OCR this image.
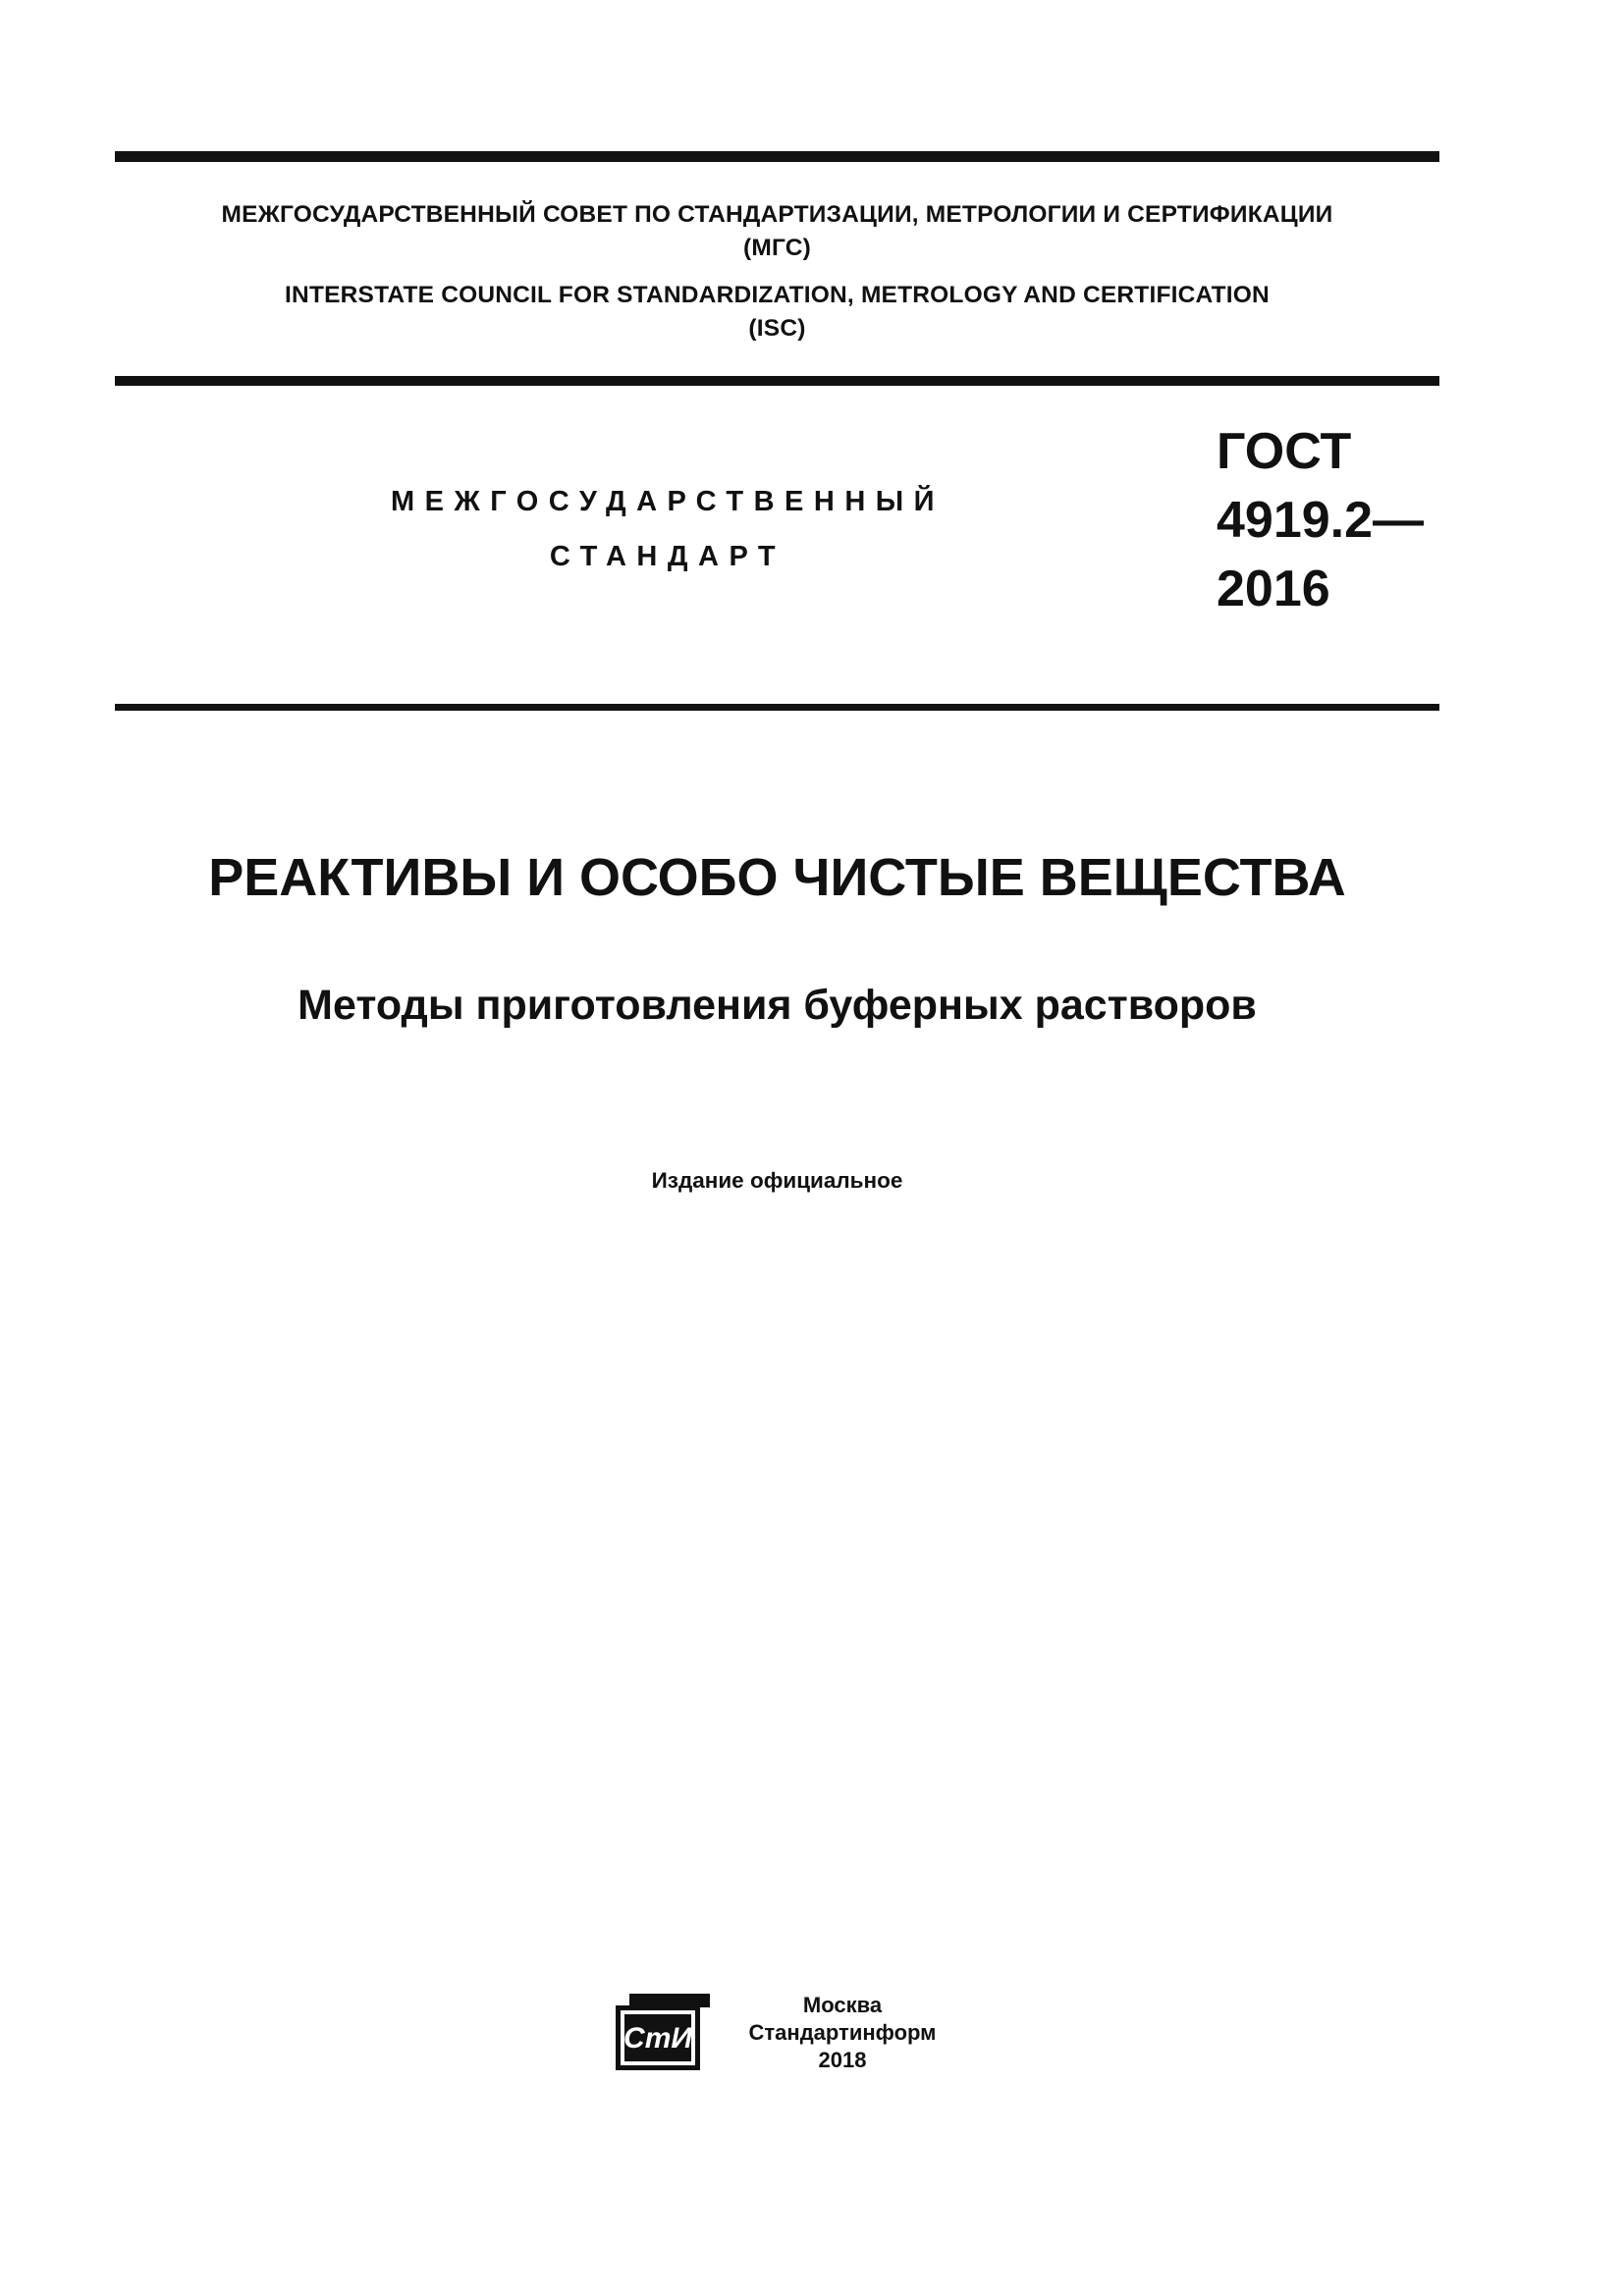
МЕЖГОСУДАРСТВЕННЫЙ СОВЕТ ПО СТАНДАРТИЗАЦИИ, МЕТРОЛОГИИ И СЕРТИФИКАЦИИ
(МГС)
INTERSTATE COUNCIL FOR STANDARDIZATION, METROLOGY AND CERTIFICATION
(ISC)
МЕЖГОСУДАРСТВЕННЫЙ
СТАНДАРТ
ГОСТ
4919.2—
2016
РЕАКТИВЫ И ОСОБО ЧИСТЫЕ ВЕЩЕСТВА
Методы приготовления буферных растворов
Издание официальное
СтИ
Москва
Стандартинформ
2018
